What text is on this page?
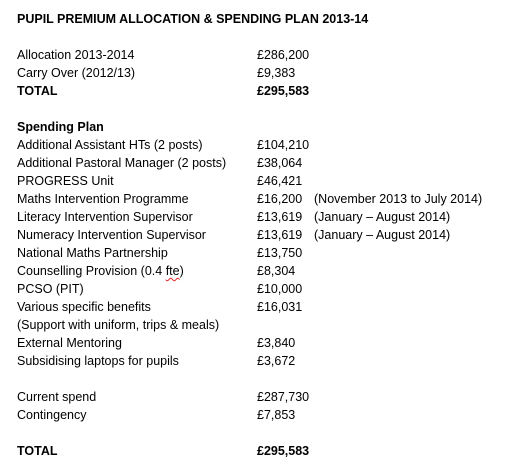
PUPIL PREMIUM ALLOCATION & SPENDING PLAN 2013-14
Allocation 2013-2014	£286,200
Carry Over (2012/13)	£9,383
TOTAL	£295,583
Spending Plan
Additional Assistant HTs (2 posts)	£104,210
Additional Pastoral Manager (2 posts) £38,064
PROGRESS Unit	£46,421
Maths Intervention Programme	£16,200 (November 2013 to July 2014)
Literacy Intervention Supervisor	£13,619 (January – August 2014)
Numeracy Intervention Supervisor	£13,619 (January – August 2014)
National Maths Partnership	£13,750
Counselling Provision (0.4 fte)	£8,304
PCSO (PIT)	£10,000
Various specific benefits	£16,031
(Support with uniform, trips & meals)
External Mentoring	£3,840
Subsidising laptops for pupils	£3,672
Current spend	£287,730
Contingency	£7,853
TOTAL	£295,583
